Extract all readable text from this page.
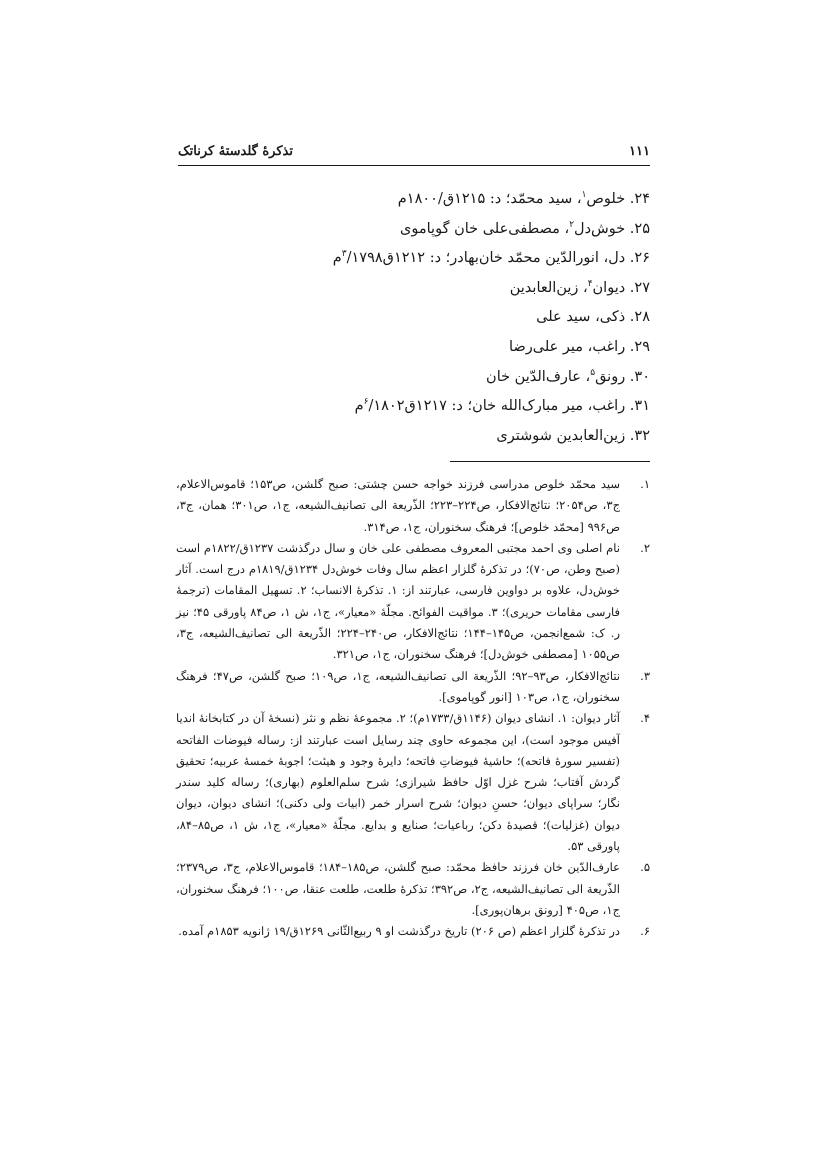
۱۱۱
تذکرهٔ گلدستهٔ کرناتک
۲۴. خلوص$^۱$، سید محمّد؛ د: ۱۲۱۵ق/۱۸۰۰م
۲۵. خوش‌دل$^۲$، مصطفی‌علی خان گوپاموی
۲۶. دل، انورالدّین محمّد خان‌بهادر؛ د: ۱۲۱۲ق$^۳$/۱۷۹۸م
۲۷. دیوان$^۴$، زین‌العابدین
۲۸. ذکی، سید علی
۲۹. راغب، میر علی‌رضا
۳۰. رونق$^۵$، عارف‌الدّین خان
۳۱. راغب، میر مبارک‌الله خان؛ د: ۱۲۱۷ق$^۶$/۱۸۰۲م
۳۲. زین‌العابدین شوشتری
۱.
سید محمّد خلوص مدراسی فرزند خواجه حسن چشتی: صبح گلشن، ص۱۵۳؛ قاموس‌الاعلام، ج۳، ص۲۰۵۴؛ نتائج‌الافکار، ص۲۲۴–۲۲۳؛ الذّریعة الی تصانیف‌الشیعه، ج۱، ص۳۰۱؛ همان، ج۳، ص۹۹۶ [محمّد خلوص]؛ فرهنگ سخنوران، ج۱، ص۳۱۴.
۲.
نام اصلی وی احمد مجتبی المعروف مصطفی علی خان و سال درگذشت ۱۲۳۷ق/۱۸۲۲م است (صبح وطن، ص۷۰)؛ در تذکرهٔ گلزار اعظم سال وفات خوش‌دل ۱۲۳۴ق/۱۸۱۹م درج است. آثار خوش‌دل، علاوه بر دواوین فارسی، عبارتند از: ۱. تذکرهٔ الانساب؛ ۲. تسهیل المقامات (ترجمهٔ فارسی مقامات حریری)؛ ۳. مواقیت الفوائح. مجلّهٔ «معیار»، ج۱، ش ۱، ص۸۴ پاورقی ۴۵؛ نیز ر. ک: شمع‌انجمن، ص۱۴۵–۱۴۴؛ نتائج‌الافکار، ص۲۴۰–۲۲۴؛ الذّریعة الی تصانیف‌الشیعه، ج۳، ص۱۰۵۵ [مصطفی خوش‌دل]؛ فرهنگ سخنوران، ج۱، ص۳۲۱.
۳.
نتائج‌الافکار، ص۹۳–۹۲؛ الذّریعة الی تصانیف‌الشیعه، ج۱، ص۱۰۹؛ صبح گلشن، ص۴۷؛ فرهنگ سخنوران، ج۱، ص۱۰۳ [انور گوپاموی].
۴.
آثار دیوان: ۱. انشای دیوان (۱۱۴۶ق/۱۷۳۳م)؛ ۲. مجموعهٔ نظم و نثر (نسخهٔ آن در کتابخانهٔ اندیا آفیس موجود است)، این مجموعه حاوی چند رسایل است عبارتند از: رساله فیوضات الفاتحه (تفسیر سورهٔ فاتحه)؛ حاشیهٔ فیوضاتِ فاتحه؛ دایرهٔ وجود و هیئت؛ اجوبهٔ خمسهٔ عربیه؛ تحقیق گردش آفتاب؛ شرح غزل اوّل حافظ شیرازی؛ شرح سلم‌العلوم (بهاری)؛ رساله کلید سندر نگار؛ سراپای دیوان؛ حسنِ دیوان؛ شرح اسرار خمر (ابیات ولی دکنی)؛ انشای دیوان، دیوان دیوان (غزلیات)؛ قصیدهٔ دکن؛ رباعیات؛ صنایع و بدایع. مجلّهٔ «معیار»، ج۱، ش ۱، ص۸۵–۸۴، پاورقی ۵۳.
۵.
عارف‌الدّین خان فرزند حافظ محمّد: صبح گلشن، ص۱۸۵–۱۸۴؛ قاموس‌الاعلام، ج۳، ص۲۳۷۹؛ الذّریعة الی تصانیف‌الشیعه، ج۲، ص۳۹۲؛ تذکرهٔ طلعت، طلعت عنقا، ص۱۰۰؛ فرهنگ سخنوران، ج۱، ص۴۰۵ [رونق برهان‌پوری].
۶.
در تذکرهٔ گلزار اعظم (ص ۲۰۶) تاریخ درگذشت او ۹ ربیع‌الثّانی ۱۲۶۹ق/۱۹ ژانویه ۱۸۵۳م آمده.
